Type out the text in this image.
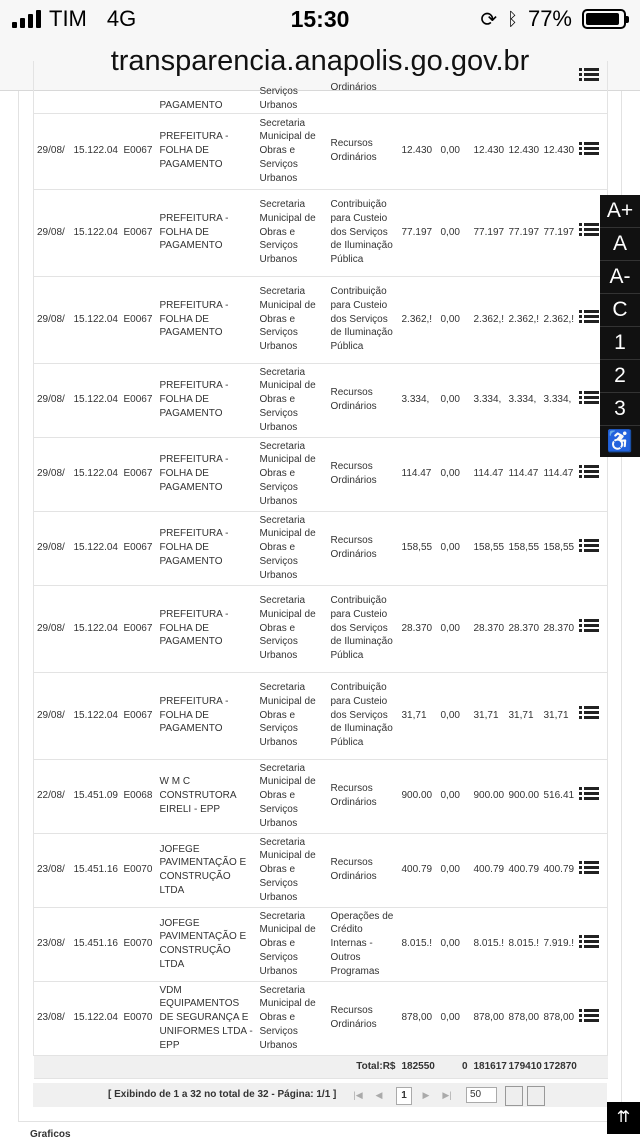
TIM 4G	15:30	⟳ ᛒ 77%
transparencia.anapolis.go.gov.br
			PAGAMENTO	Serviços Urbanos	Ordinários						

29/08/	15.122.04	E0067	PREFEITURA - FOLHA DE PAGAMENTO	Secretaria Municipal de Obras e Serviços Urbanos	Recursos Ordinários	12.430	0,00	12.430	12.430	12.430	

29/08/	15.122.04	E0067	PREFEITURA - FOLHA DE PAGAMENTO	Secretaria Municipal de Obras e Serviços Urbanos	Contribuição para Custeio dos Serviços de Iluminação Pública	77.197	0,00	77.197	77.197	77.197	

29/08/	15.122.04	E0067	PREFEITURA - FOLHA DE PAGAMENTO	Secretaria Municipal de Obras e Serviços Urbanos	Contribuição para Custeio dos Serviços de Iluminação Pública	2.362,!	0,00	2.362,!	2.362,!	2.362,!	

29/08/	15.122.04	E0067	PREFEITURA - FOLHA DE PAGAMENTO	Secretaria Municipal de Obras e Serviços Urbanos	Recursos Ordinários	3.334,	0,00	3.334,	3.334,	3.334,	

29/08/	15.122.04	E0067	PREFEITURA - FOLHA DE PAGAMENTO	Secretaria Municipal de Obras e Serviços Urbanos	Recursos Ordinários	114.47	0,00	114.47	114.47	114.47	

29/08/	15.122.04	E0067	PREFEITURA - FOLHA DE PAGAMENTO	Secretaria Municipal de Obras e Serviços Urbanos	Recursos Ordinários	158,55	0,00	158,55	158,55	158,55	

29/08/	15.122.04	E0067	PREFEITURA - FOLHA DE PAGAMENTO	Secretaria Municipal de Obras e Serviços Urbanos	Contribuição para Custeio dos Serviços de Iluminação Pública	28.370	0,00	28.370	28.370	28.370	

29/08/	15.122.04	E0067	PREFEITURA - FOLHA DE PAGAMENTO	Secretaria Municipal de Obras e Serviços Urbanos	Contribuição para Custeio dos Serviços de Iluminação Pública	31,71	0,00	31,71	31,71	31,71	

22/08/	15.451.09	E0068	W M C CONSTRUTORA EIRELI - EPP	Secretaria Municipal de Obras e Serviços Urbanos	Recursos Ordinários	900.00	0,00	900.00	900.00	516.41	

23/08/	15.451.16	E0070	JOFEGE PAVIMENTAÇÃO E CONSTRUÇÃO LTDA	Secretaria Municipal de Obras e Serviços Urbanos	Recursos Ordinários	400.79	0,00	400.79	400.79	400.79	

23/08/	15.451.16	E0070	JOFEGE PAVIMENTAÇÃO E CONSTRUÇÃO LTDA	Secretaria Municipal de Obras e Serviços Urbanos	Operações de Crédito Internas - Outros Programas	8.015.!	0,00	8.015.!	8.015.!	7.919.!	

23/08/	15.122.04	E0070	VDM EQUIPAMENTOS DE SEGURANÇA E UNIFORMES LTDA - EPP	Secretaria Municipal de Obras e Serviços Urbanos	Recursos Ordinários	878,00	0,00	878,00	878,00	878,00	

					Total:R$	182550	0	181617	179410	172870	
[ Exibindo de 1 a 32 no total de 32 - Página: 1/1 ]	|◀	◀	1	▶	▶|	50
A+
A
A-
C
1
2
3
♿
Graficos
⇈
